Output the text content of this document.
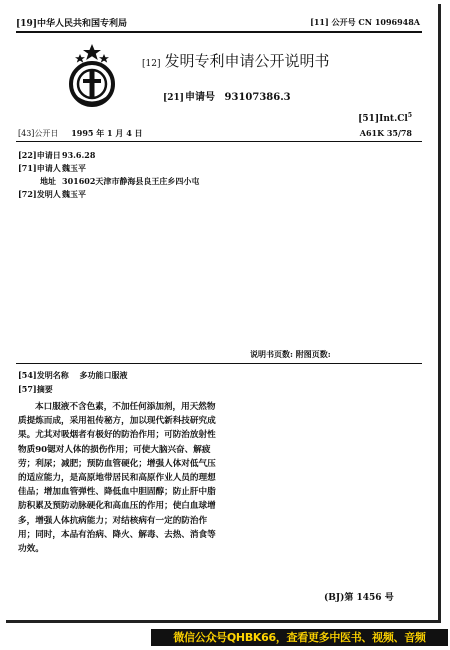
[19]中华人民共和国专利局	[11] 公开号 CN 1096948A
[12] 发明专利申请公开说明书
[21]申请号 93107386.3
[51]Int.Cl$^5$
A61K 35/78
[43]公开日 1995 年 1 月 4 日
[22]申请日93.6.28
[71]申请人魏玉平
地址 301602天津市静海县良王庄乡四小屯
[72]发明人魏玉平
说明书页数: 附图页数:
[54]发明名称 多功能口服液
[57]摘要
本口服液不含色素，不加任何添加剂，用天然物
质提炼而成，采用祖传秘方，加以现代新科技研究成
果。尤其对吸烟者有极好的防治作用；可防治放射性
物质90锶对人体的损伤作用；可使大脑兴奋、解疲
劳；利尿；减肥；预防血管硬化；增强人体对低气压
的适应能力，是高原地带居民和高原作业人员的理想
佳品；增加血管弹性、降低血中胆固醇；防止肝中脂
肪积累及预防动脉硬化和高血压的作用；使白血球增
多，增强人体抗病能力；对结核病有一定的防治作
用；同时，本品有治病、降火、解毒、去热、消食等
功效。
(BJ)第 1456 号
微信公众号QHBK66，查看更多中医书、视频、音频
